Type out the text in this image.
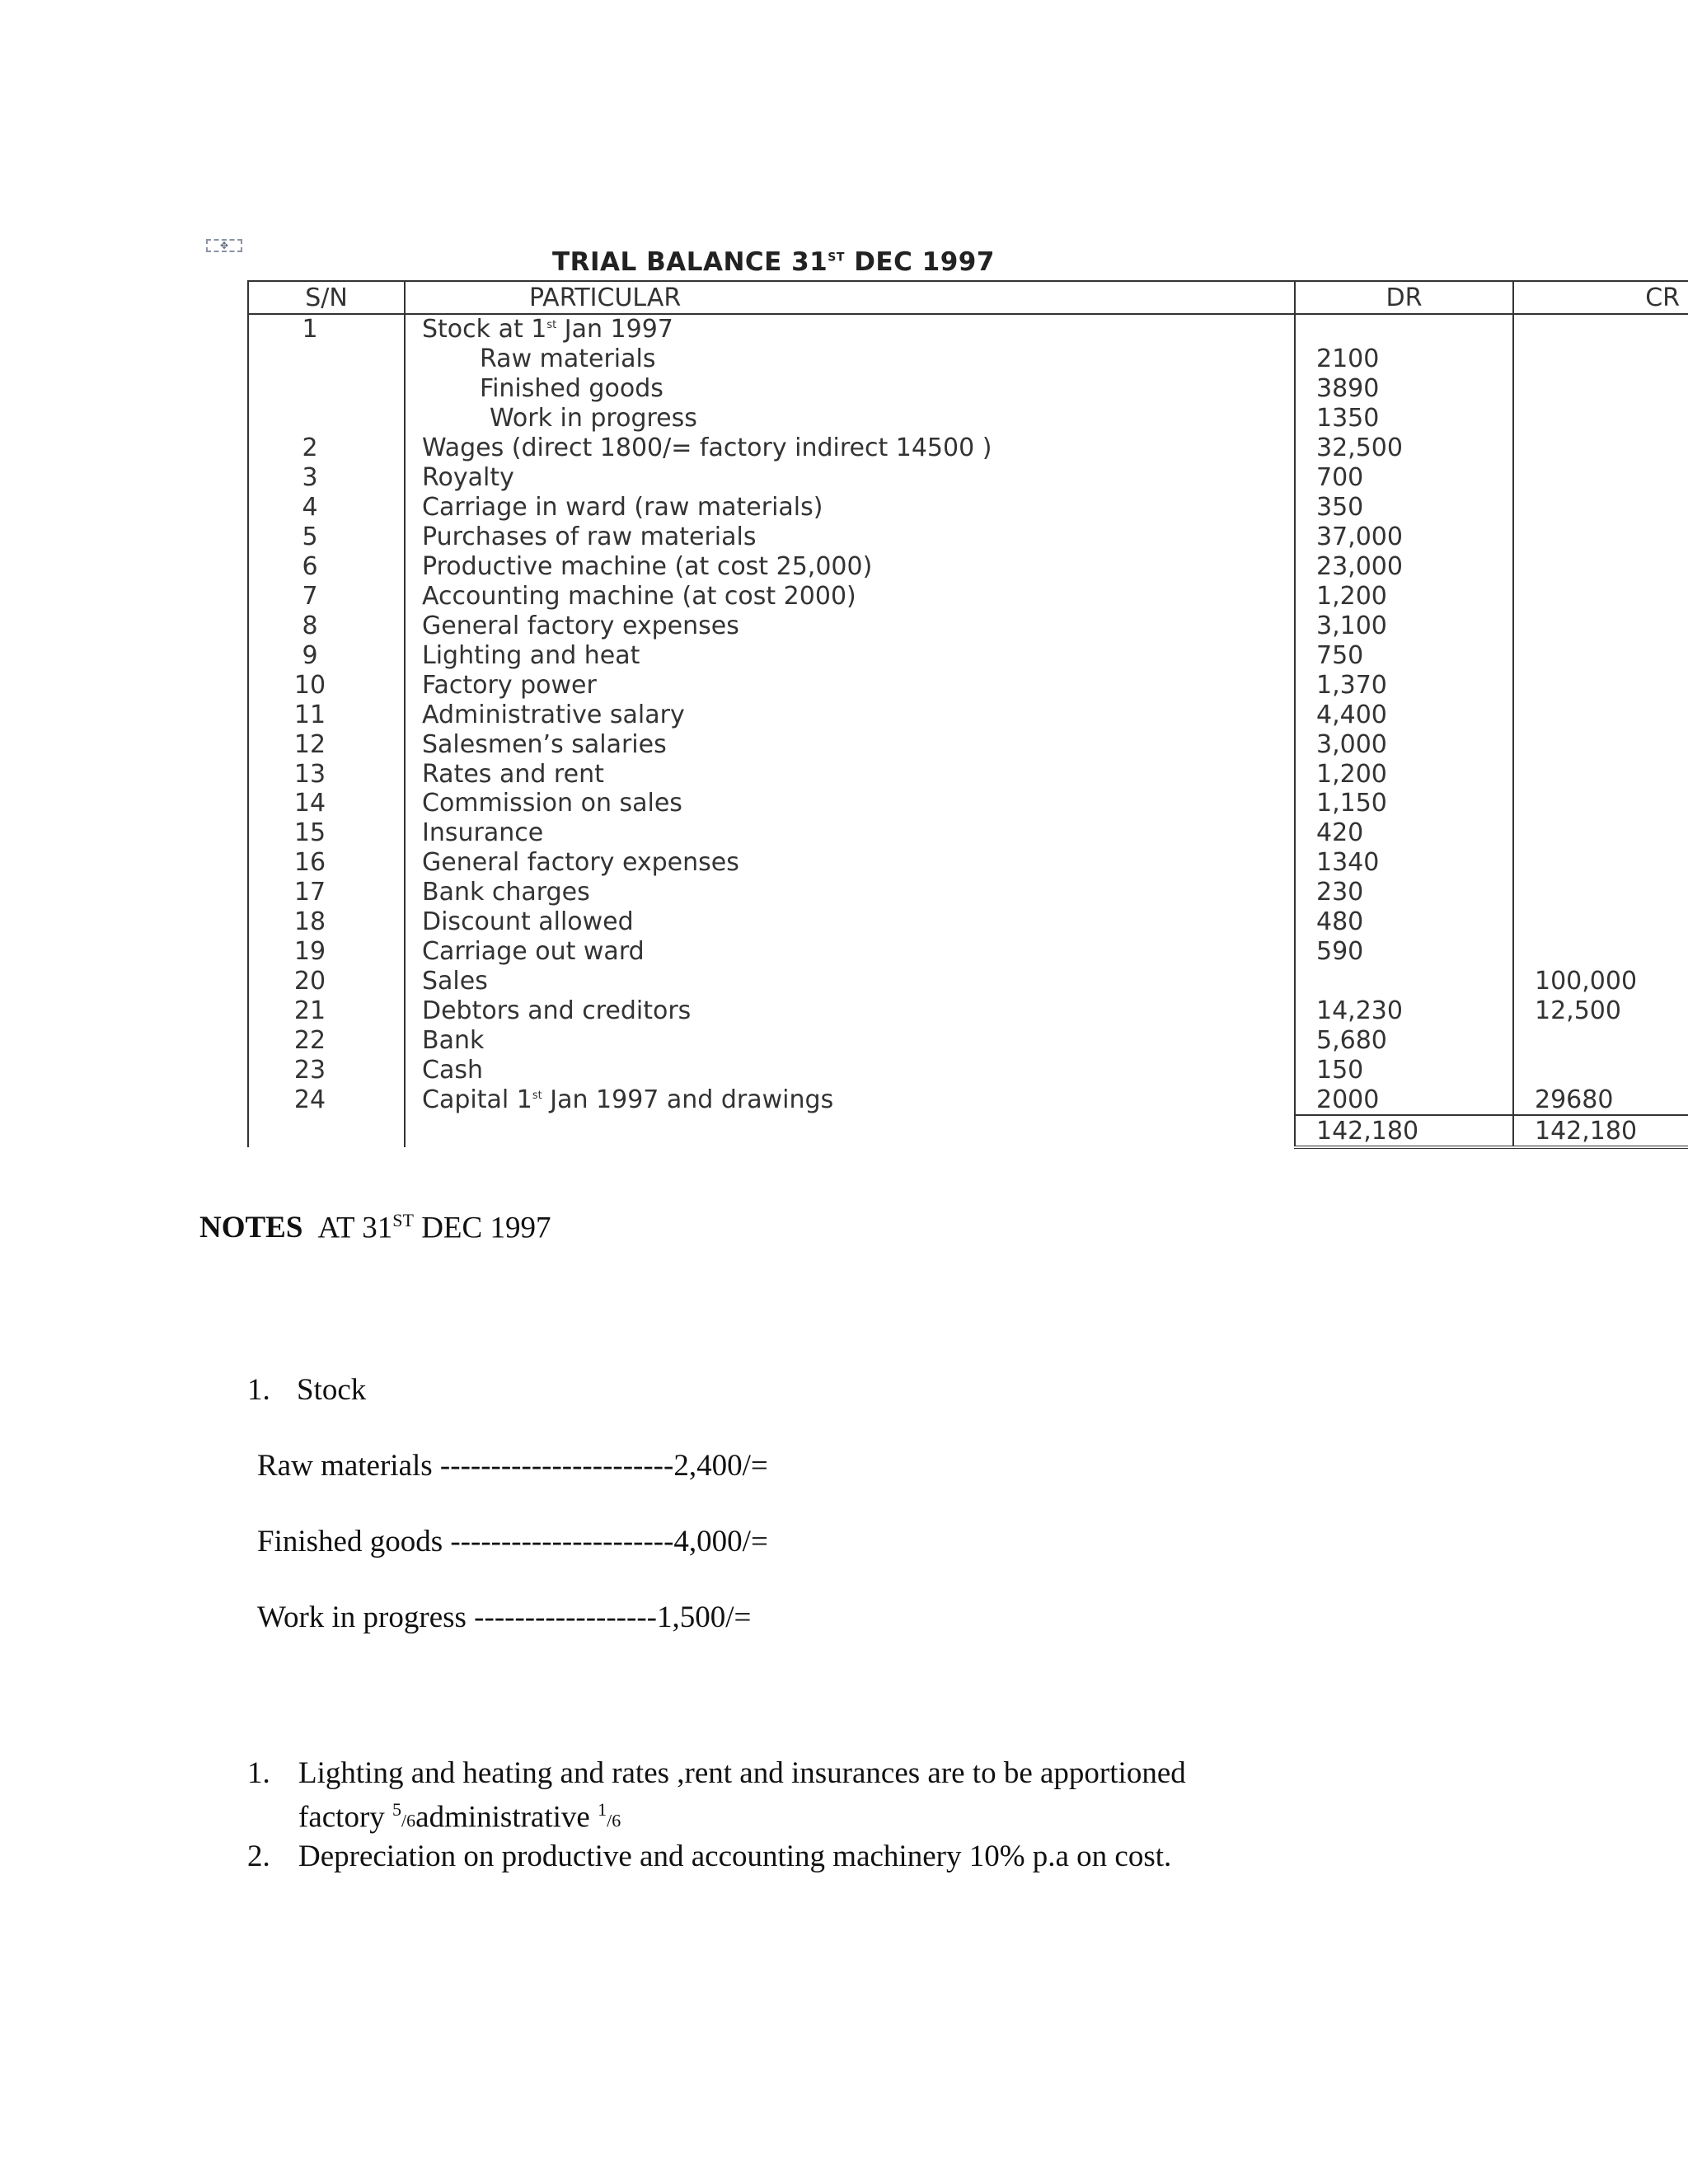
✥
TRIAL BALANCE 31ST DEC 1997
S/N	PARTICULAR	DR	CR
1	Stock at 1st Jan 1997		
	Raw materials	2100	
	Finished goods	3890	
	Work in progress	1350	
2	Wages (direct 1800/= factory indirect 14500 )	32,500	
3	Royalty	700	
4	Carriage in ward (raw materials)	350	
5	Purchases of raw materials	37,000	
6	Productive machine (at cost 25,000)	23,000	
7	Accounting machine (at cost 2000)	1,200	
8	General factory expenses	3,100	
9	Lighting and heat	750	
10	Factory power	1,370	
11	Administrative salary	4,400	
12	Salesmen’s salaries	3,000	
13	Rates and rent	1,200	
14	Commission on sales	1,150	
15	Insurance	420	
16	General factory expenses	1340	
17	Bank charges	230	
18	Discount allowed	480	
19	Carriage out ward	590	
20	Sales		100,000
21	Debtors and creditors	14,230	12,500
22	Bank	5,680	
23	Cash	150	
24	Capital 1st Jan 1997 and drawings	2000	29680
		142,180	142,180
NOTES AT 31ST DEC 1997
1. Stock
Raw materials -----------------------2,400/=
Finished goods ----------------------4,000/=
Work in progress ------------------1,500/=
1. Lighting and heating and rates ,rent and insurances are to be apportioned
factory $^5$/6administrative $^1$/6
2. Depreciation on productive and accounting machinery 10% p.a on cost.
